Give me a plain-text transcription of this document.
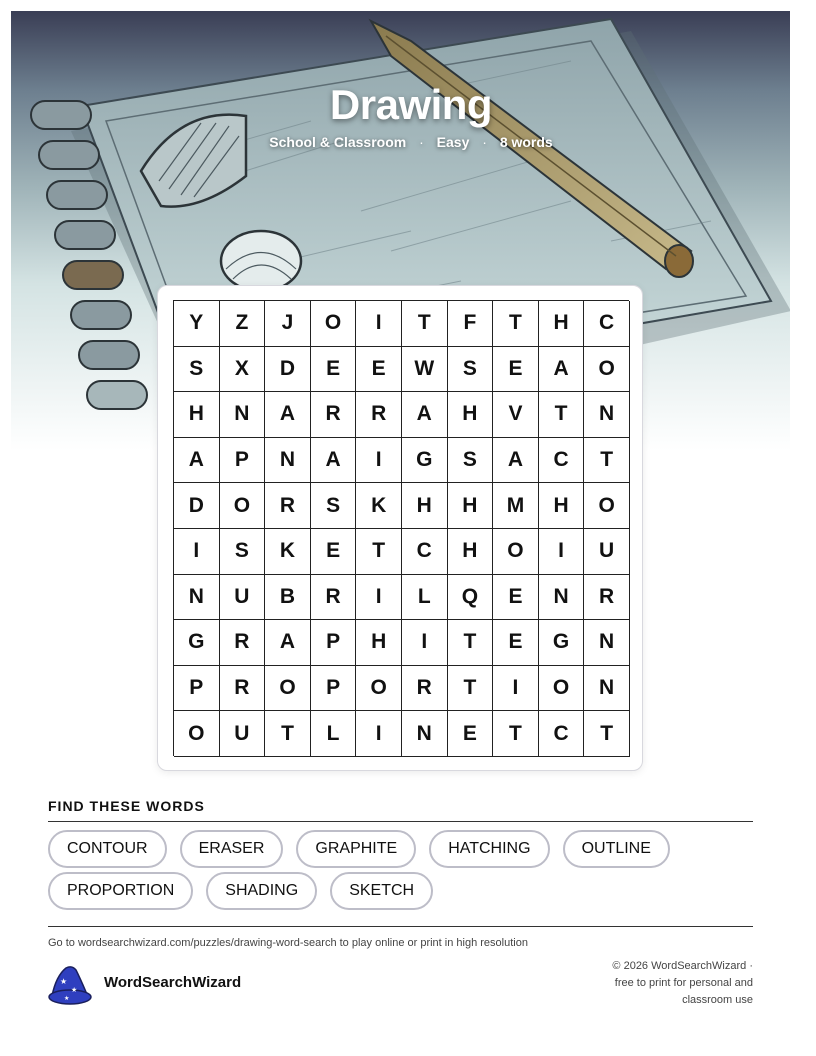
Drawing
School & Classroom · Easy · 8 words
Y	Z	J	O	I	T	F	T	H	C
S	X	D	E	E	W	S	E	A	O
H	N	A	R	R	A	H	V	T	N
A	P	N	A	I	G	S	A	C	T
D	O	R	S	K	H	H	M	H	O
I	S	K	E	T	C	H	O	I	U
N	U	B	R	I	L	Q	E	N	R
G	R	A	P	H	I	T	E	G	N
P	R	O	P	O	R	T	I	O	N
O	U	T	L	I	N	E	T	C	T
FIND THESE WORDS
CONTOUR	ERASER	GRAPHITE	HATCHING	OUTLINE
PROPORTION	SHADING	SKETCH
Go to wordsearchwizard.com/puzzles/drawing-word-search to play online or print in high resolution
★
★
★
WordSearchWizard
© 2026 WordSearchWizard ·
free to print for personal and
classroom use
